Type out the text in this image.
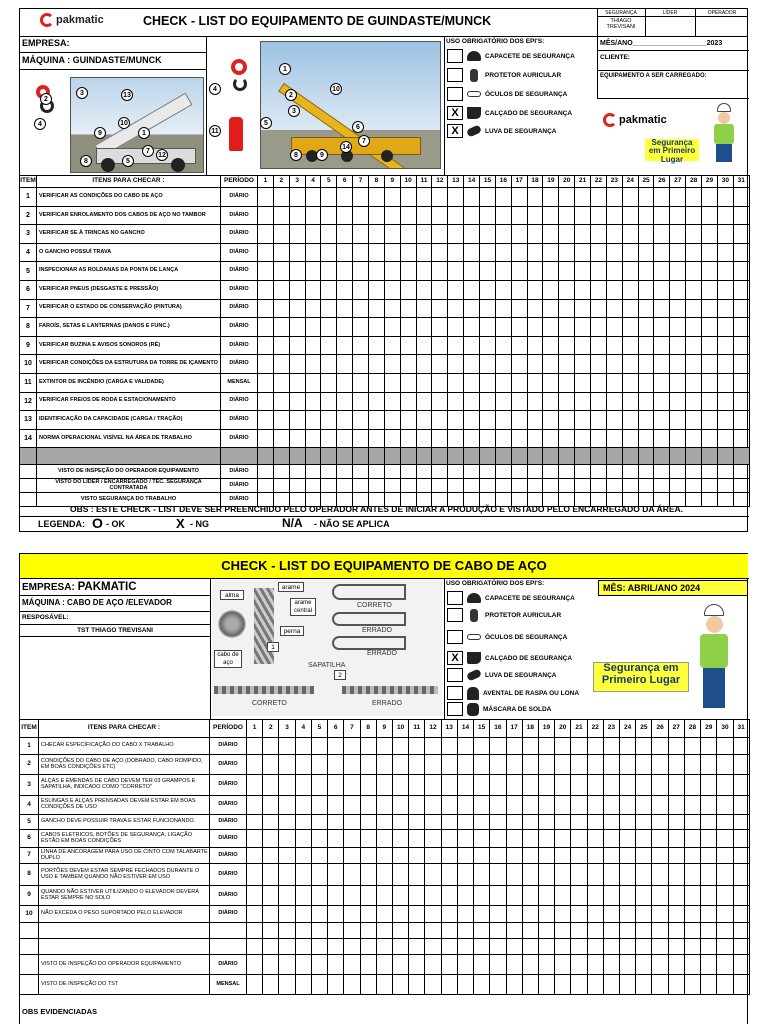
pakmatic	CHECK - LIST DO EQUIPAMENTO DE GUINDASTE/MUNCK
SEGURANÇA	LÍDER	OPERADOR
THIAGO TREVISANI
EMPRESA:
MÁQUINA : GUINDASTE/MUNCK
2
3	13
4
9
10
1
8	5
7
12
4
1
2
3
11
10
5
6
14
7
8	9
USO OBRIGATÓRIO DOS EPI'S:
CAPACETE DE SEGURANÇA
PROTETOR AURICULAR
ÓCULOS DE SEGURANÇA
X	CALÇADO DE SEGURANÇA
X	LUVA DE SEGURANÇA
MÊS/ANO___________________2023
CLIENTE:
EQUIPAMENTO A SER CARREGADO:
pakmatic
Segurança em Primeiro Lugar
ITEM	ITENS PARA CHECAR :	PERÍODO	1	2	3	4	5	6	7	8	9	10	11	12	13	14	15	16	17	18	19	20	21	22	23	24	25	26	27	28	29	30	31
1	VERIFICAR AS CONDIÇÕES DO CABO DE AÇO	DIÁRIO																															
2	VERIFICAR ENROLAMENTO DOS CABOS DE AÇO NO TAMBOR	DIÁRIO																															
3	VERIFICAR SE À TRINCAS NO GANCHO	DIÁRIO																															
4	O GANCHO POSSUÍ TRAVA	DIÁRIO																															
5	INSPECIONAR AS ROLDANAS DA PONTA DE LANÇA	DIÁRIO																															
6	VERIFICAR PNEUS (DESGASTE E PRESSÃO)	DIÁRIO																															
7	VERIFICAR O ESTADO DE CONSERVAÇÃO (PINTURA)	DIÁRIO																															
8	FAROÍS, SETAS E LANTERNAS (DANOS E FUNC.)	DIÁRIO																															
9	VERIFICAR BUZINA E AVISOS SONOROS (RÉ)	DIÁRIO																															
10	VERIFICAR CONDIÇÕES DA ESTRUTURA DA TORRE DE IÇAMENTO	DIÁRIO																															
11	EXTINTOR DE INCÊNDIO (CARGA E VALIDADE)	MENSAL																															
12	VERIFICAR FREIOS DE RODA E ESTACIONAMENTO	DIÁRIO																															
13	IDENTIFICAÇÃO DA CAPACIDADE (CARGA / TRAÇÃO)	DIÁRIO																															
14	NORMA OPERACIONAL VISÍVEL NA ÁREA DE TRABALHO	DIÁRIO																															

	VISTO DE INSPEÇÃO DO OPERADOR EQUIPAMENTO	DIÁRIO																															
	VISTO DO LIDER / ENCARREGADO / TEC. SEGURANÇA CONTRATADA	DIÁRIO																															
	VISTO SEGURANÇA DO TRABALHO	DIÁRIO																															
OBS : ESTE CHECK - LIST DEVE SER PREENCHIDO PELO OPERADOR ANTES DE INICIAR A PRODUÇÃO E VISTADO PELO ENCARREGADO DA ÁREA.
LEGENDA: O - OK	X - NG	N/A - NÃO SE APLICA
CHECK - LIST DO EQUIPAMENTO DE CABO DE AÇO
EMPRESA: PAKMATIC
MÁQUINA : CABO DE AÇO /ELEVADOR
RESPOSÁVEL:
TST THIAGO TREVISANI
alma
arame
arame central
perna
cabo de aço
1
CORRETO
ERRADO
ERRADO
SAPATILHA
2
CORRETO	ERRADO
USO OBRIGATÓRIO DOS EPI'S:
CAPACETE DE SEGURANÇA
PROTETOR AURICULAR
ÓCULOS DE SEGURANÇA
X	CALÇADO DE SEGURANÇA
LUVA DE SEGURANÇA
AVENTAL DE RASPA OU LONA
MÁSCARA DE SOLDA
MÊS: ABRIL/ANO 2024
Segurança em Primeiro Lugar
ITEM	ITENS PARA CHECAR :	PERÍODO	1	2	3	4	5	6	7	8	9	10	11	12	13	14	15	16	17	18	19	20	21	22	23	24	25	26	27	28	29	30	31
1	CHECAR ESPECIFICAÇÃO DO CABO X TRABALHO	DIÁRIO																															
2	CONDIÇÕES DO CABO DE AÇO (DOBRADO, CABO ROMPIDO, EM BOAS CONDIÇÕES ETC)	DIÁRIO																															
3	ALÇAS E EMENDAS DE CABO DEVEM TER 03 GRAMPOS E SAPATILHA, INDICADO COMO "CORRETO"	DIÁRIO																															
4	ESLINGAS E ALÇAS PRENSADAS DEVEM ESTAR EM BOAS CONDIÇÕES DE USO	DIÁRIO																															
5	GANCHO DEVE POSSUIR TRAVA E ESTAR FUNCIONANDO.	DIÁRIO																															
6	CABOS ELETRICOS, BOTÕES DE SEGURANÇA, LIGAÇÃO ESTÃO EM BOAS CONDIÇÕES	DIÁRIO																															
7	LINHA DE ANCORAGEM PARA USO DE CINTO COM TALABARTE DUPLO	DIÁRIO																															
8	PORTÕES DEVEM ESTAR SEMPRE FECHADOS DURANTE O USO E TAMBEM QUANDO NÃO ESTIVER EM USO	DIÁRIO																															
9	QUANDO NÃO ESTIVER UTILIZANDO O ELEVADOR DEVERÁ ESTAR SEMPRE NO SOLO	DIÁRIO																															
10	NÃO EXCEDA O PESO SUPORTADO PELO ELEVADOR	DIÁRIO																															

	VISTO DE INSPEÇÃO DO OPERADOR EQUIPAMENTO	DIÁRIO																															
	VISTO DE INSPEÇÃO DO TST	MENSAL																															
OBS EVIDENCIADAS
